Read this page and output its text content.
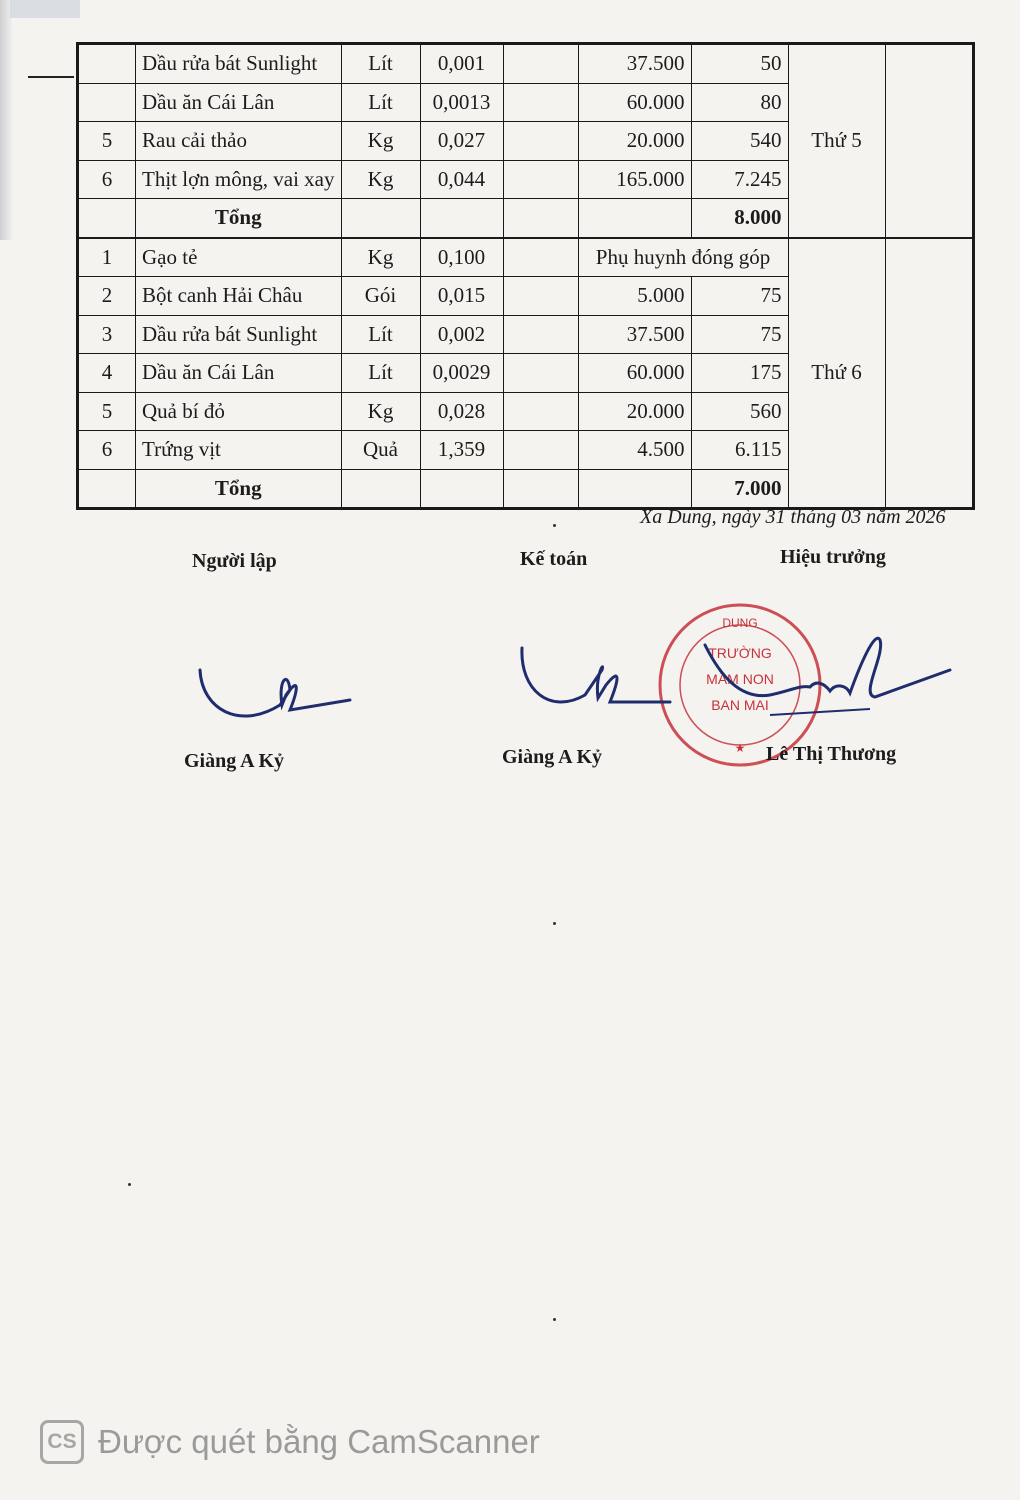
	Dầu rửa bát Sunlight	Lít	0,001		37.500	50	Thứ 5	
	Dầu ăn Cái Lân	Lít	0,0013		60.000	80		
5	Rau cải thảo	Kg	0,027		20.000	540		
6	Thịt lợn mông, vai xay	Kg	0,044		165.000	7.245		
	Tổng					8.000		
1	Gạo tẻ	Kg	0,100		Phụ huynh đóng góp		Thứ 6	
2	Bột canh Hải Châu	Gói	0,015		5.000	75		
3	Dầu rửa bát Sunlight	Lít	0,002		37.500	75		
4	Dầu ăn Cái Lân	Lít	0,0029		60.000	175		
5	Quả bí đỏ	Kg	0,028		20.000	560		
6	Trứng vịt	Quả	1,359		4.500	6.115		
	Tổng					7.000		
Xa Dung, ngày 31 tháng 03 năm 2026
Người lập	Kế toán	Hiệu trưởng
DUNG
TRƯỜNG
MẦM NON
BAN MAI
★
Giàng A Kỷ	Giàng A Kỷ	Lê Thị Thương
CS Được quét bằng CamScanner
